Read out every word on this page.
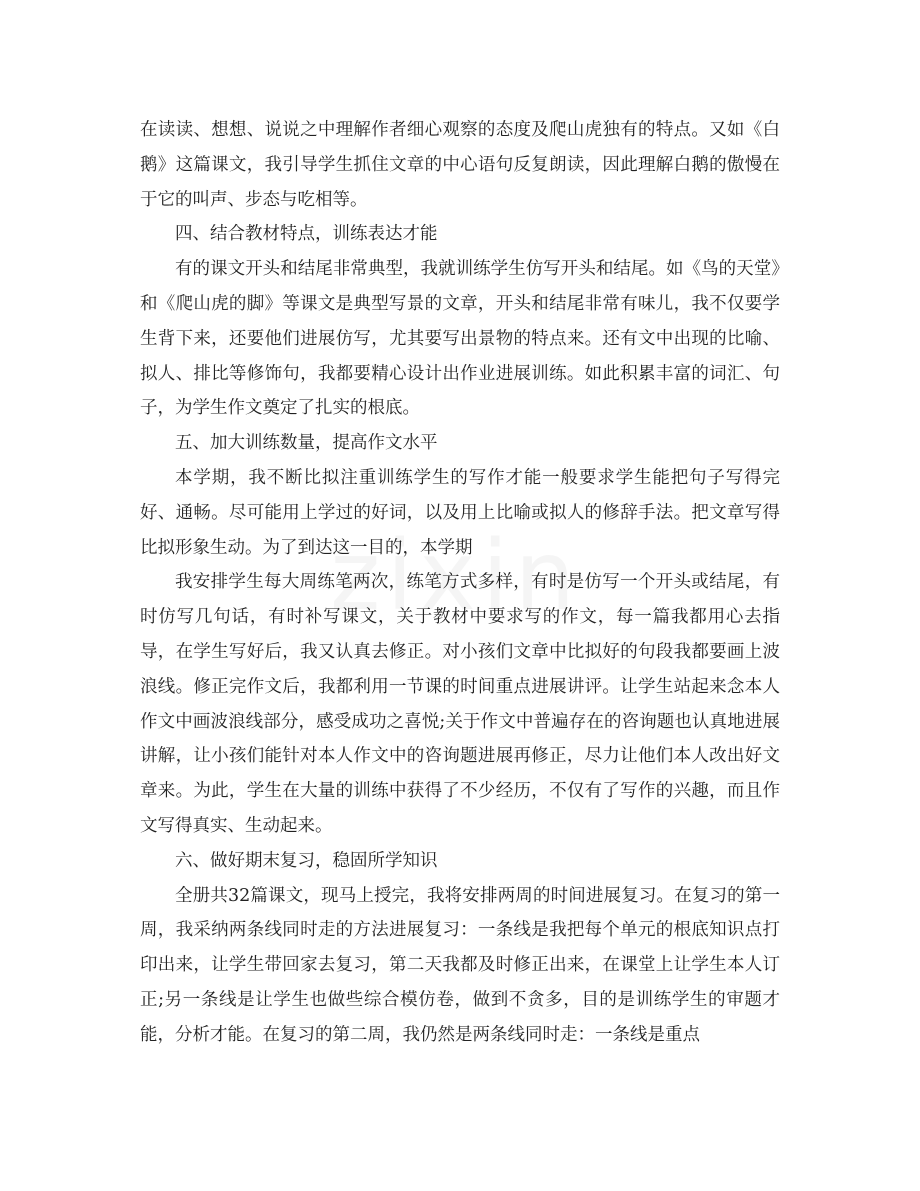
在读读、想想、说说之中理解作者细心观察的态度及爬山虎独有的特点。又如《白鹅》这篇课文，我引导学生抓住文章的中心语句反复朗读，因此理解白鹅的傲慢在于它的叫声、步态与吃相等。

四、结合教材特点，训练表达才能

有的课文开头和结尾非常典型，我就训练学生仿写开头和结尾。如《鸟的天堂》和《爬山虎的脚》等课文是典型写景的文章，开头和结尾非常有味儿，我不仅要学生背下来，还要他们进展仿写，尤其要写出景物的特点来。还有文中出现的比喻、拟人、排比等修饰句，我都要精心设计出作业进展训练。如此积累丰富的词汇、句子，为学生作文奠定了扎实的根底。

五、加大训练数量，提高作文水平

本学期，我不断比拟注重训练学生的写作才能一般要求学生能把句子写得完好、通畅。尽可能用上学过的好词，以及用上比喻或拟人的修辞手法。把文章写得比拟形象生动。为了到达这一目的，本学期

我安排学生每大周练笔两次，练笔方式多样，有时是仿写一个开头或结尾，有时仿写几句话，有时补写课文，关于教材中要求写的作文，每一篇我都用心去指导，在学生写好后，我又认真去修正。对小孩们文章中比拟好的句段我都要画上波浪线。修正完作文后，我都利用一节课的时间重点进展讲评。让学生站起来念本人作文中画波浪线部分，感受成功之喜悦;关于作文中普遍存在的咨询题也认真地进展讲解，让小孩们能针对本人作文中的咨询题进展再修正，尽力让他们本人改出好文章来。为此，学生在大量的训练中获得了不少经历，不仅有了写作的兴趣，而且作文写得真实、生动起来。

六、做好期末复习，稳固所学知识

全册共32篇课文，现马上授完，我将安排两周的时间进展复习。在复习的第一周，我采纳两条线同时走的方法进展复习：一条线是我把每个单元的根底知识点打印出来，让学生带回家去复习，第二天我都及时修正出来，在课堂上让学生本人订正;另一条线是让学生也做些综合模仿卷，做到不贪多，目的是训练学生的审题才能，分析才能。在复习的第二周，我仍然是两条线同时走：一条线是重点
